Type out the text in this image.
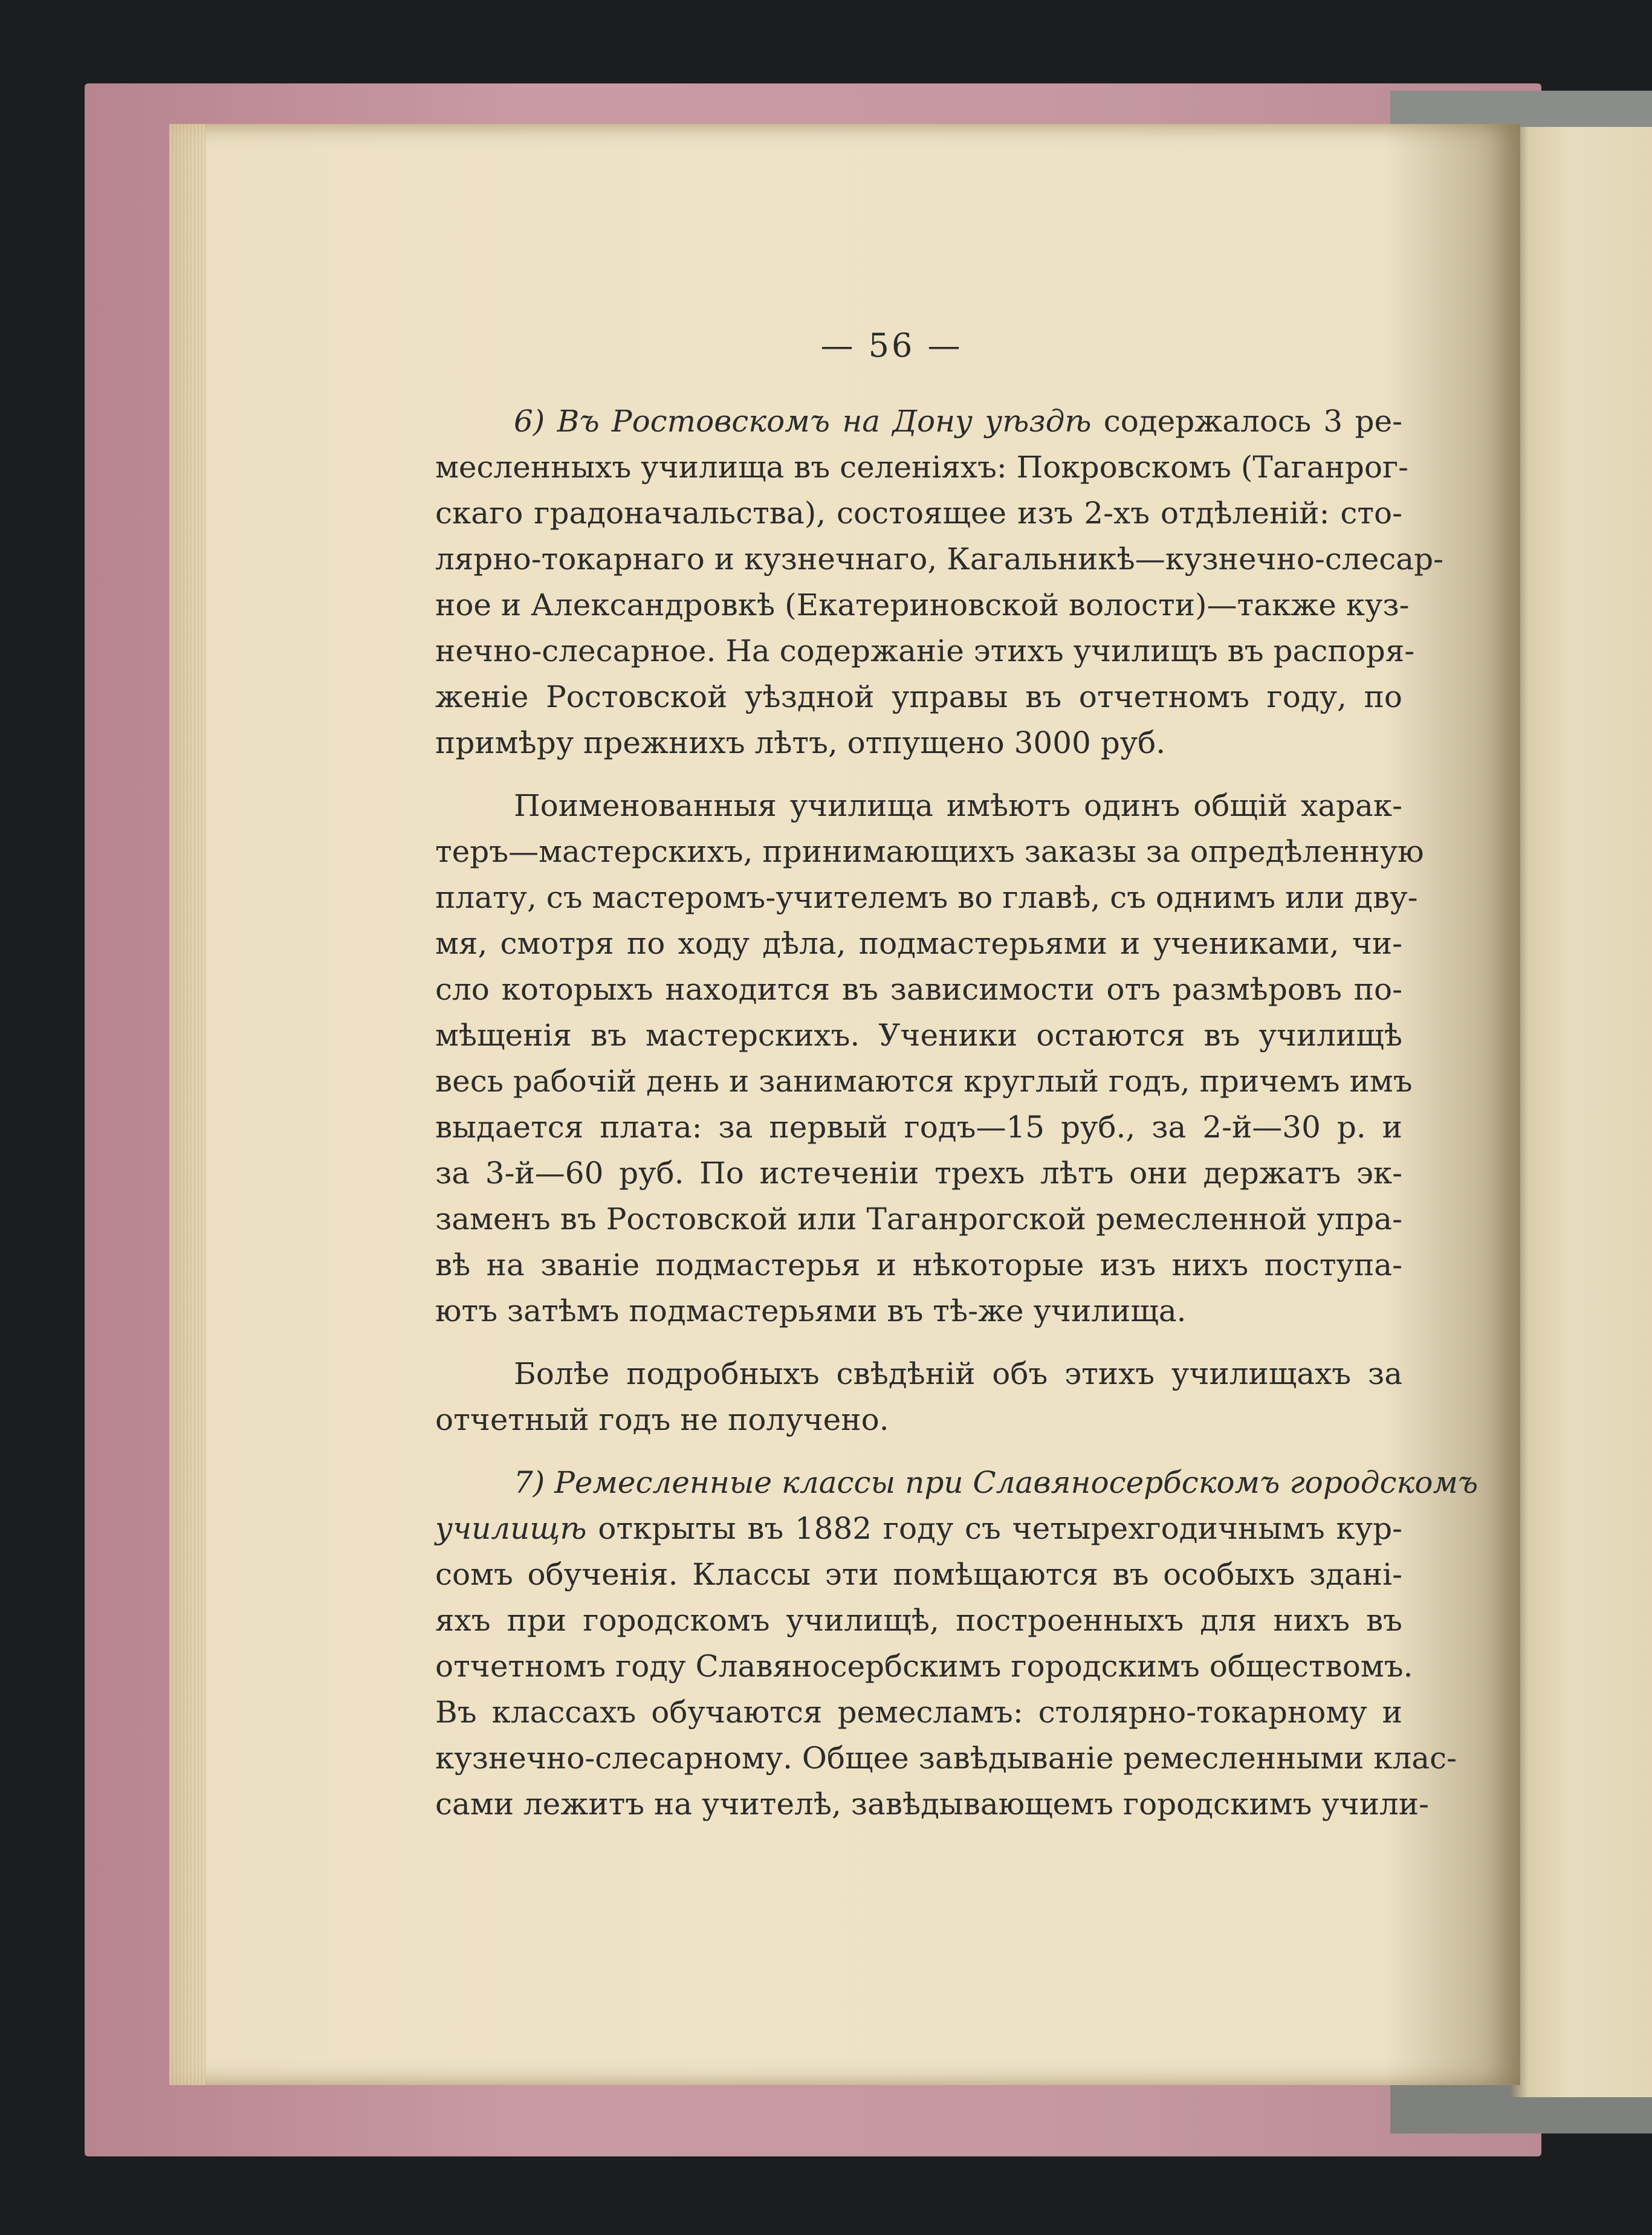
— 56 —
6) Въ Ростовскомъ на Дону уѣздѣ содержалось 3 ре-
месленныхъ училища въ селеніяхъ: Покровскомъ (Таганрог-
скаго градоначальства), состоящее изъ 2-хъ отдѣленій: сто-
лярно-токарнаго и кузнечнаго, Кагальникѣ—кузнечно-слесар-
ное и Александровкѣ (Екатериновской волости)—также куз-
нечно-слесарное. На содержаніе этихъ училищъ въ распоря-
женіе Ростовской уѣздной управы въ отчетномъ году, по
примѣру прежнихъ лѣтъ, отпущено 3000 руб.
Поименованныя училища имѣютъ одинъ общій харак-
теръ—мастерскихъ, принимающихъ заказы за опредѣленную
плату, съ мастеромъ-учителемъ во главѣ, съ однимъ или дву-
мя, смотря по ходу дѣла, подмастерьями и учениками, чи-
сло которыхъ находится въ зависимости отъ размѣровъ по-
мѣщенія въ мастерскихъ. Ученики остаются въ училищѣ
весь рабочій день и занимаются круглый годъ, причемъ имъ
выдается плата: за первый годъ—15 руб., за 2-й—30 р. и
за 3-й—60 руб. По истеченіи трехъ лѣтъ они держатъ эк-
заменъ въ Ростовской или Таганрогской ремесленной упра-
вѣ на званіе подмастерья и нѣкоторые изъ нихъ поступа-
ютъ затѣмъ подмастерьями въ тѣ-же училища.
Болѣе подробныхъ свѣдѣній объ этихъ училищахъ за
отчетный годъ не получено.
7) Ремесленные классы при Славяносербскомъ городскомъ
училищѣ открыты въ 1882 году съ четырехгодичнымъ кур-
сомъ обученія. Классы эти помѣщаются въ особыхъ здані-
яхъ при городскомъ училищѣ, построенныхъ для нихъ въ
отчетномъ году Славяносербскимъ городскимъ обществомъ.
Въ классахъ обучаются ремесламъ: столярно-токарному и
кузнечно-слесарному. Общее завѣдываніе ремесленными клас-
сами лежитъ на учителѣ, завѣдывающемъ городскимъ учили-
